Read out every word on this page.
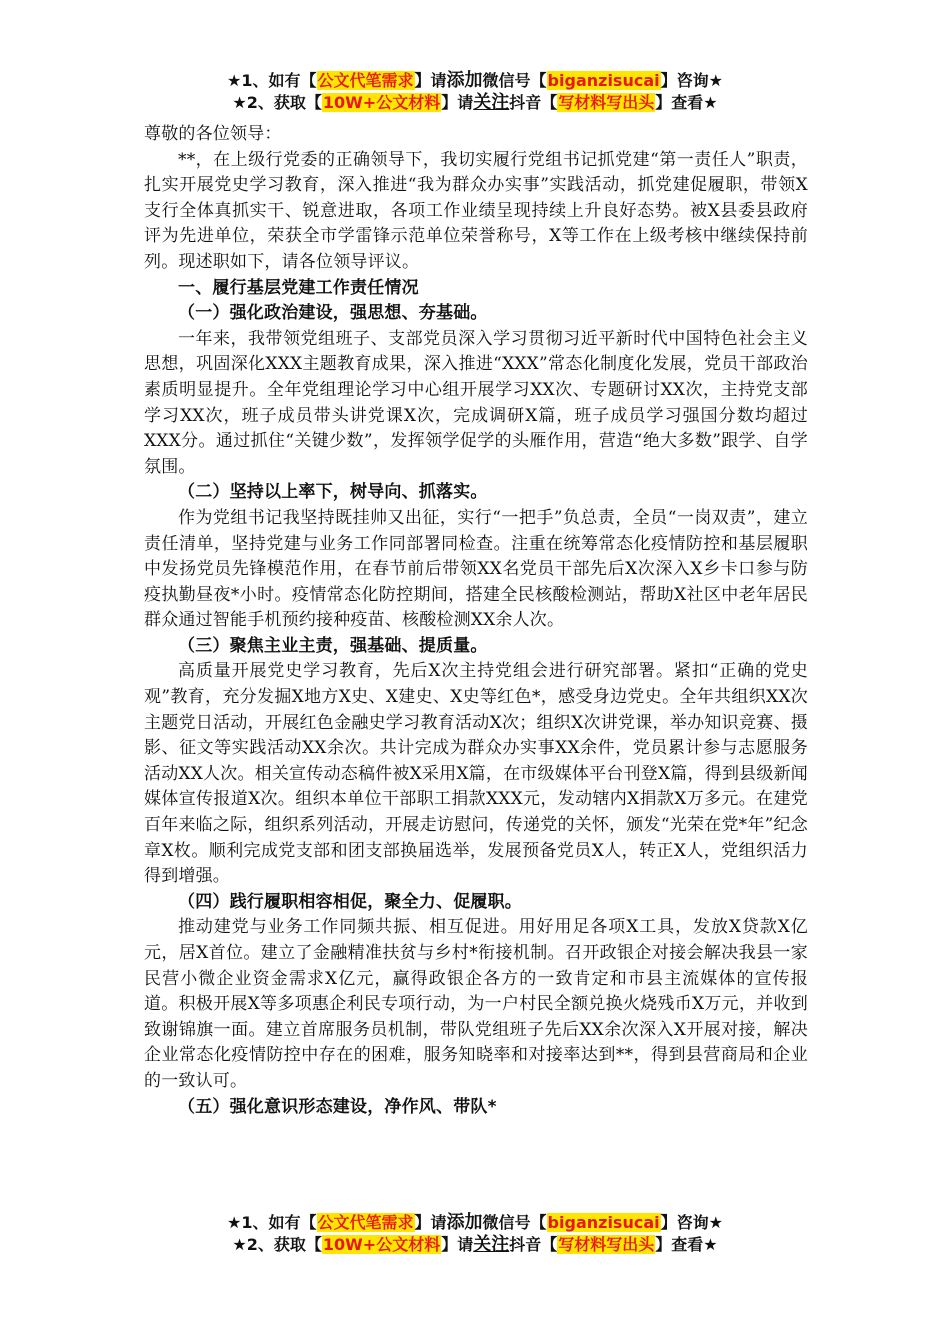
★1、如有【公文代笔需求】请添加微信号【biganzisucai】咨询★
★2、获取【10W+公文材料】请关注抖音【写材料写出头】查看★

尊敬的各位领导：

**，在上级行党委的正确领导下，我切实履行党组书记抓党建“第一责任人”职责，扎实开展党史学习教育，深入推进“我为群众办实事”实践活动，抓党建促履职，带领X支行全体真抓实干、锐意进取，各项工作业绩呈现持续上升良好态势。被X县委县政府评为先进单位，荣获全市学雷锋示范单位荣誉称号，X等工作在上级考核中继续保持前列。现述职如下，请各位领导评议。

一、履行基层党建工作责任情况
（一）强化政治建设，强思想、夯基础。

一年来，我带领党组班子、支部党员深入学习贯彻习近平新时代中国特色社会主义思想，巩固深化XXX主题教育成果，深入推进“XXX”常态化制度化发展，党员干部政治素质明显提升。全年党组理论学习中心组开展学习XX次、专题研讨XX次，主持党支部学习XX次，班子成员带头讲党课X次，完成调研X篇，班子成员学习强国分数均超过XXX分。通过抓住“关键少数”，发挥领学促学的头雁作用，营造“绝大多数”跟学、自学氛围。

（二）坚持以上率下，树导向、抓落实。

作为党组书记我坚持既挂帅又出征，实行“一把手”负总责，全员“一岗双责”，建立责任清单，坚持党建与业务工作同部署同检查。注重在统筹常态化疫情防控和基层履职中发扬党员先锋模范作用，在春节前后带领XX名党员干部先后X次深入X乡卡口参与防疫执勤昼夜*小时。疫情常态化防控期间，搭建全民核酸检测站，帮助X社区中老年居民群众通过智能手机预约接种疫苗、核酸检测XX余人次。

（三）聚焦主业主责，强基础、提质量。

高质量开展党史学习教育，先后X次主持党组会进行研究部署。紧扣“正确的党史观”教育，充分发掘X地方X史、X建史、X史等红色*，感受身边党史。全年共组织XX次主题党日活动，开展红色金融史学习教育活动X次；组织X次讲党课，举办知识竞赛、摄影、征文等实践活动XX余次。共计完成为群众办实事XX余件，党员累计参与志愿服务活动XX人次。相关宣传动态稿件被X采用X篇，在市级媒体平台刊登X篇，得到县级新闻媒体宣传报道X次。组织本单位干部职工捐款XXX元，发动辖内X捐款X万多元。在建党百年来临之际，组织系列活动，开展走访慰问，传递党的关怀，颁发“光荣在党*年”纪念章X枚。顺利完成党支部和团支部换届选举，发展预备党员X人，转正X人，党组织活力得到增强。

（四）践行履职相容相促，聚全力、促履职。

推动建党与业务工作同频共振、相互促进。用好用足各项X工具，发放X贷款X亿元，居X首位。建立了金融精准扶贫与乡村*衔接机制。召开政银企对接会解决我县一家民营小微企业资金需求X亿元，赢得政银企各方的一致肯定和市县主流媒体的宣传报道。积极开展X等多项惠企利民专项行动，为一户村民全额兑换火烧残币X万元，并收到致谢锦旗一面。建立首席服务员机制，带队党组班子先后XX余次深入X开展对接，解决企业常态化疫情防控中存在的困难，服务知晓率和对接率达到**，得到县营商局和企业的一致认可。

（五）强化意识形态建设，净作风、带队*
★1、如有【公文代笔需求】请添加微信号【biganzisucai】咨询★
★2、获取【10W+公文材料】请关注抖音【写材料写出头】查看★
